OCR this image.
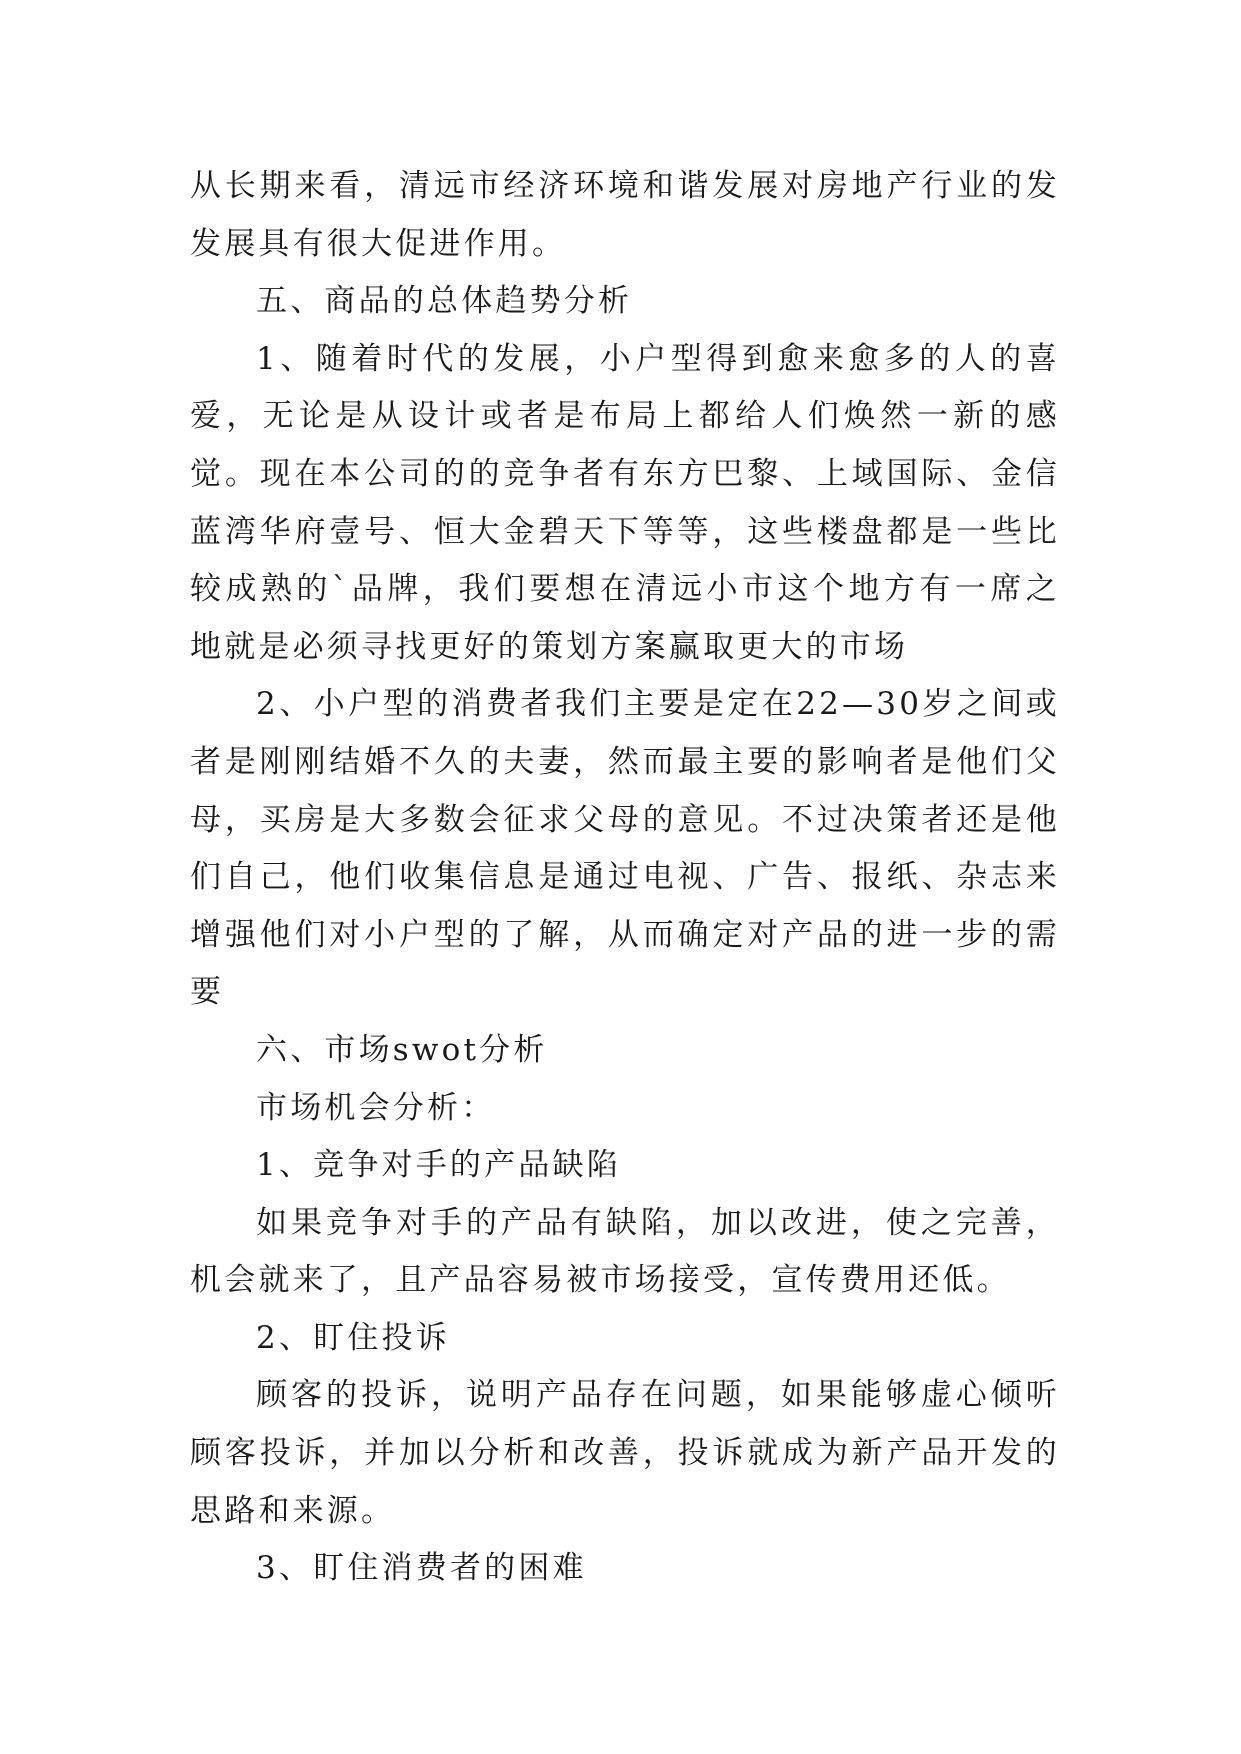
从长期来看，清远市经济环境和谐发展对房地产行业的发发展具有很大促进作用。

五、商品的总体趋势分析

1、随着时代的发展，小户型得到愈来愈多的人的喜爱，无论是从设计或者是布局上都给人们焕然一新的感觉。现在本公司的的竞争者有东方巴黎、上域国际、金信蓝湾华府壹号、恒大金碧天下等等，这些楼盘都是一些比较成熟的`品牌，我们要想在清远小市这个地方有一席之地就是必须寻找更好的策划方案赢取更大的市场

2、小户型的消费者我们主要是定在22—30岁之间或者是刚刚结婚不久的夫妻，然而最主要的影响者是他们父母，买房是大多数会征求父母的意见。不过决策者还是他们自己，他们收集信息是通过电视、广告、报纸、杂志来增强他们对小户型的了解，从而确定对产品的进一步的需要

六、市场swot分析

市场机会分析：

1、竞争对手的产品缺陷

如果竞争对手的产品有缺陷，加以改进，使之完善，机会就来了，且产品容易被市场接受，宣传费用还低。

2、盯住投诉

顾客的投诉，说明产品存在问题，如果能够虚心倾听顾客投诉，并加以分析和改善，投诉就成为新产品开发的思路和来源。

3、盯住消费者的困难
